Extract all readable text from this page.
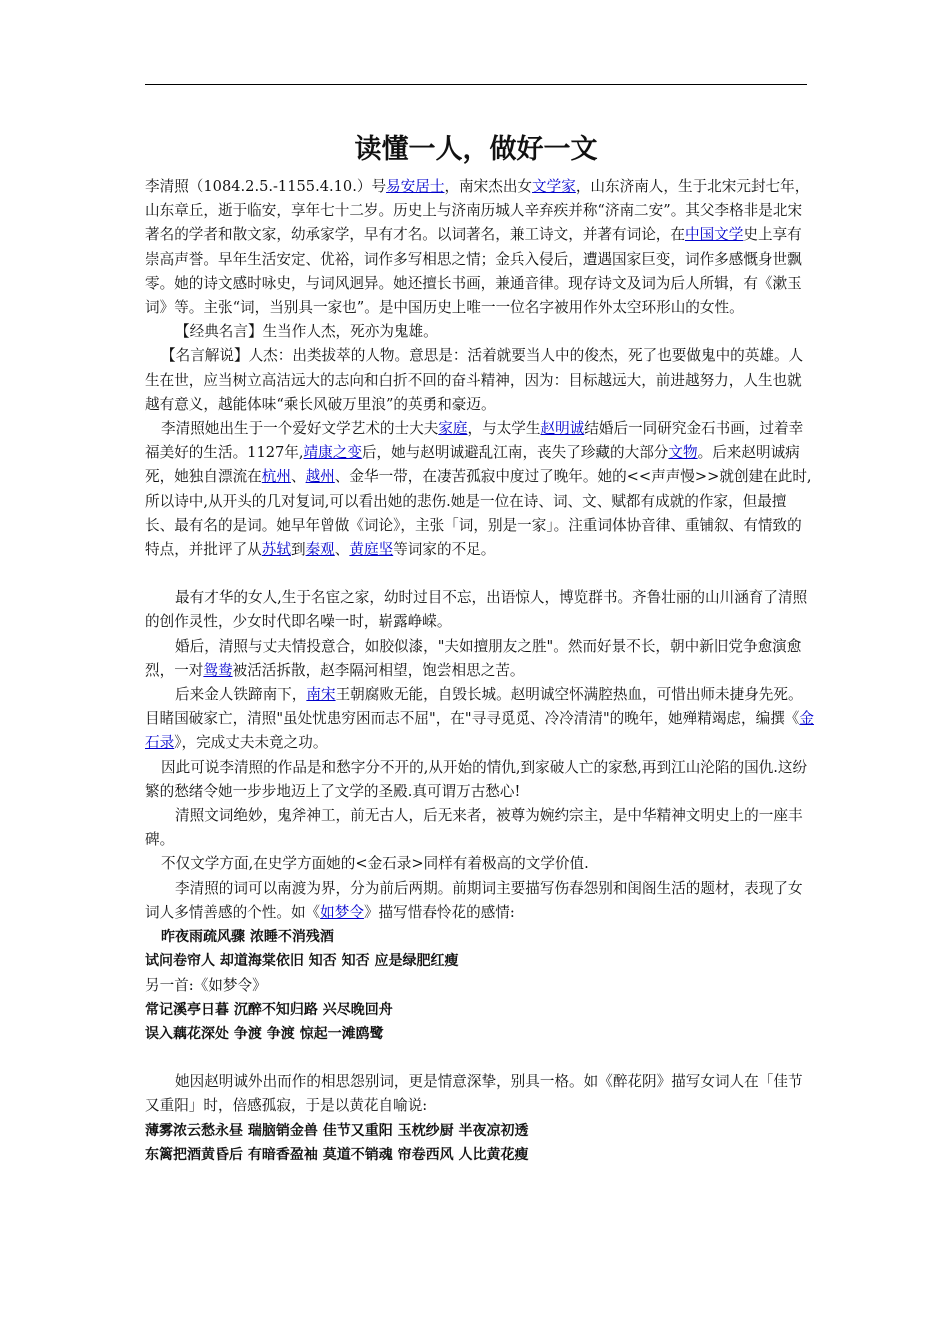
读懂一人，做好一文

李清照（1084.2.5.-1155.4.10.）号易安居士，南宋杰出女文学家，山东济南人，生于北宋元封七年，山东章丘，逝于临安，享年七十二岁。历史上与济南历城人辛弃疾并称“济南二安”。其父李格非是北宋著名的学者和散文家，幼承家学，早有才名。以词著名，兼工诗文，并著有词论，在中国文学史上享有崇高声誉。早年生活安定、优裕，词作多写相思之情；金兵入侵后，遭遇国家巨变，词作多感慨身世飘零。她的诗文感时咏史，与词风迥异。她还擅长书画，兼通音律。现存诗文及词为后人所辑，有《漱玉词》等。主张“词，当别具一家也”。是中国历史上唯一一位名字被用作外太空环形山的女性。

【经典名言】生当作人杰，死亦为鬼雄。

【名言解说】人杰：出类拔萃的人物。意思是：活着就要当人中的俊杰，死了也要做鬼中的英雄。人生在世，应当树立高洁远大的志向和白折不回的奋斗精神，因为：目标越远大，前进越努力，人生也就越有意义，越能体味“乘长风破万里浪”的英勇和豪迈。

李清照她出生于一个爱好文学艺术的士大夫家庭，与太学生赵明诚结婚后一同研究金石书画，过着幸福美好的生活。1127年,靖康之变后，她与赵明诚避乱江南，丧失了珍藏的大部分文物。后来赵明诚病死，她独自漂流在杭州、越州、金华一带，在凄苦孤寂中度过了晚年。她的<<声声慢>>就创建在此时,所以诗中,从开头的几对复词,可以看出她的悲伤.她是一位在诗、词、文、赋都有成就的作家，但最擅长、最有名的是词。她早年曾做《词论》，主张「词，别是一家」。注重词体协音律、重铺叙、有情致的特点，并批评了从苏轼到秦观、黄庭坚等词家的不足。

最有才华的女人,生于名宦之家，幼时过目不忘，出语惊人，博览群书。齐鲁壮丽的山川涵育了清照的创作灵性，少女时代即名噪一时，崭露峥嵘。

婚后，清照与丈夫情投意合，如胶似漆，"夫如擅朋友之胜"。然而好景不长，朝中新旧党争愈演愈烈，一对鸳鸯被活活拆散，赵李隔河相望，饱尝相思之苦。

后来金人铁蹄南下，南宋王朝腐败无能，自毁长城。赵明诚空怀满腔热血，可惜出师未捷身先死。目睹国破家亡，清照"虽处忧患穷困而志不屈"，在"寻寻觅觅、冷冷清清"的晚年，她殚精竭虑，编撰《金石录》，完成丈夫未竟之功。

因此可说李清照的作品是和愁字分不开的,从开始的情仇,到家破人亡的家愁,再到江山沦陷的国仇.这纷繁的愁绪令她一步步地迈上了文学的圣殿.真可谓万古愁心!

清照文词绝妙，鬼斧神工，前无古人，后无来者，被尊为婉约宗主，是中华精神文明史上的一座丰碑。

不仅文学方面,在史学方面她的<金石录>同样有着极高的文学价值.

李清照的词可以南渡为界，分为前后两期。前期词主要描写伤春怨别和闺阁生活的题材，表现了女词人多情善感的个性。如《如梦令》描写惜春怜花的感情:

昨夜雨疏风骤 浓睡不消残酒

试问卷帘人 却道海棠依旧 知否 知否 应是绿肥红瘦

另一首:《如梦令》

常记溪亭日暮 沉醉不知归路 兴尽晚回舟

误入藕花深处 争渡 争渡 惊起一滩鸥鹭

她因赵明诚外出而作的相思怨别词，更是情意深挚，别具一格。如《醉花阴》描写女词人在「佳节又重阳」时，倍感孤寂，于是以黄花自喻说:

薄雾浓云愁永昼 瑞脑销金兽 佳节又重阳 玉枕纱厨 半夜凉初透

东篱把酒黄昏后 有暗香盈袖 莫道不销魂 帘卷西风 人比黄花瘦
